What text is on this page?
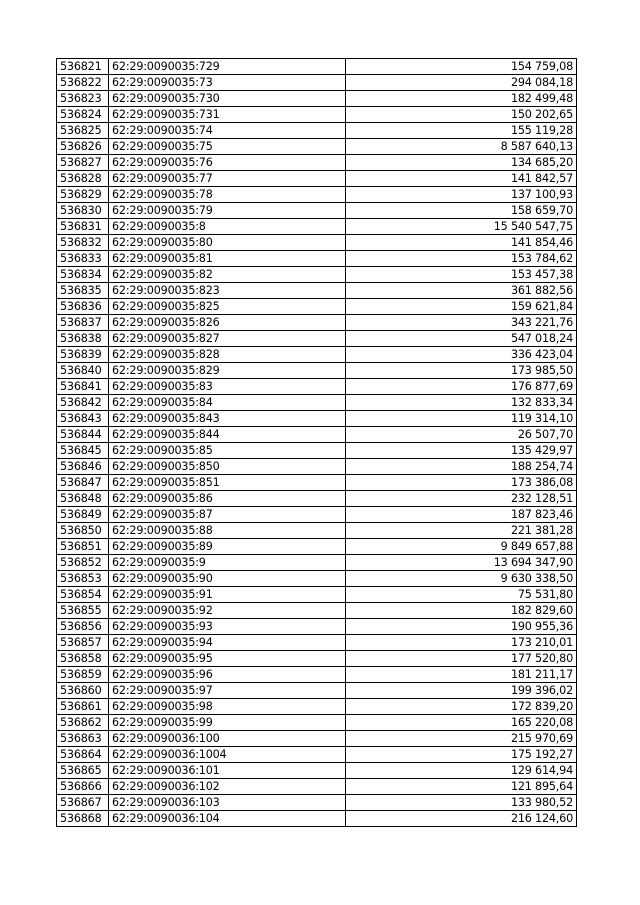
536821	62:29:0090035:729	154 759,08
536822	62:29:0090035:73	294 084,18
536823	62:29:0090035:730	182 499,48
536824	62:29:0090035:731	150 202,65
536825	62:29:0090035:74	155 119,28
536826	62:29:0090035:75	8 587 640,13
536827	62:29:0090035:76	134 685,20
536828	62:29:0090035:77	141 842,57
536829	62:29:0090035:78	137 100,93
536830	62:29:0090035:79	158 659,70
536831	62:29:0090035:8	15 540 547,75
536832	62:29:0090035:80	141 854,46
536833	62:29:0090035:81	153 784,62
536834	62:29:0090035:82	153 457,38
536835	62:29:0090035:823	361 882,56
536836	62:29:0090035:825	159 621,84
536837	62:29:0090035:826	343 221,76
536838	62:29:0090035:827	547 018,24
536839	62:29:0090035:828	336 423,04
536840	62:29:0090035:829	173 985,50
536841	62:29:0090035:83	176 877,69
536842	62:29:0090035:84	132 833,34
536843	62:29:0090035:843	119 314,10
536844	62:29:0090035:844	26 507,70
536845	62:29:0090035:85	135 429,97
536846	62:29:0090035:850	188 254,74
536847	62:29:0090035:851	173 386,08
536848	62:29:0090035:86	232 128,51
536849	62:29:0090035:87	187 823,46
536850	62:29:0090035:88	221 381,28
536851	62:29:0090035:89	9 849 657,88
536852	62:29:0090035:9	13 694 347,90
536853	62:29:0090035:90	9 630 338,50
536854	62:29:0090035:91	75 531,80
536855	62:29:0090035:92	182 829,60
536856	62:29:0090035:93	190 955,36
536857	62:29:0090035:94	173 210,01
536858	62:29:0090035:95	177 520,80
536859	62:29:0090035:96	181 211,17
536860	62:29:0090035:97	199 396,02
536861	62:29:0090035:98	172 839,20
536862	62:29:0090035:99	165 220,08
536863	62:29:0090036:100	215 970,69
536864	62:29:0090036:1004	175 192,27
536865	62:29:0090036:101	129 614,94
536866	62:29:0090036:102	121 895,64
536867	62:29:0090036:103	133 980,52
536868	62:29:0090036:104	216 124,60
